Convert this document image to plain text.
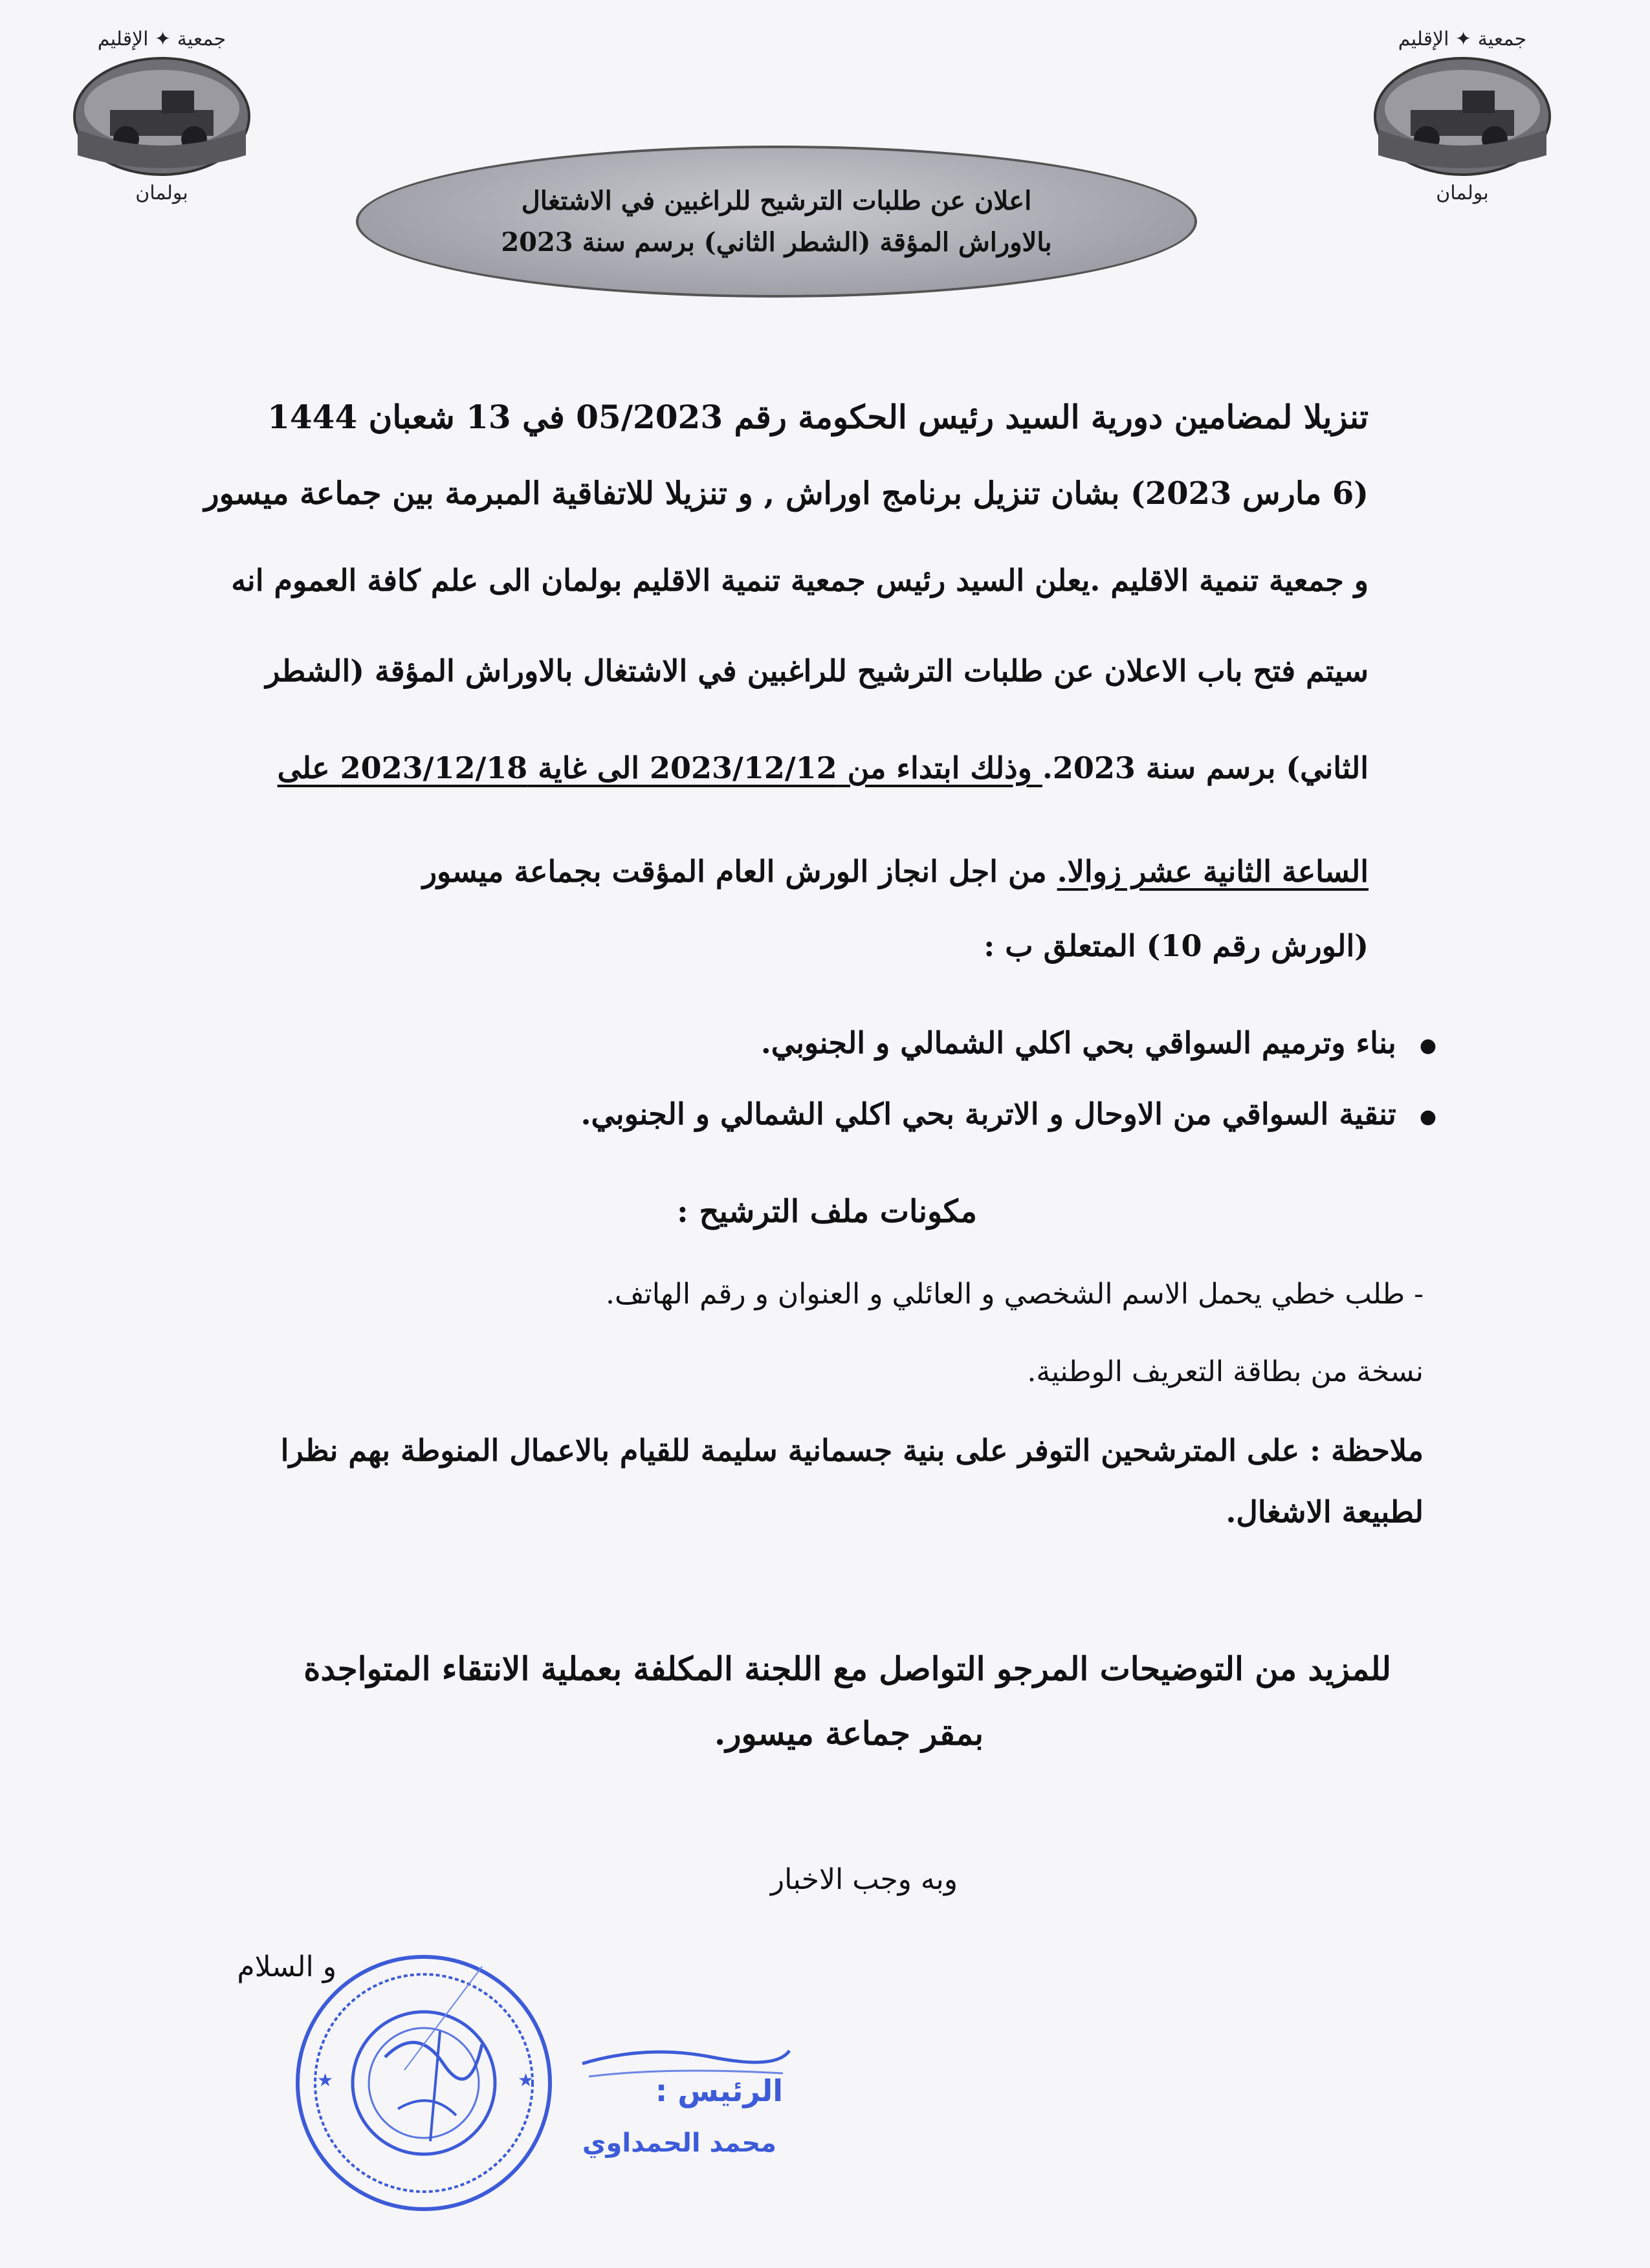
جمعية ✦ الإقليم
بولمان
جمعية ✦ الإقليم
بولمان
اعلان عن طلبات الترشيح للراغبين في الاشتغال
بالاوراش المؤقة (الشطر الثاني) برسم سنة 2023
تنزيلا لمضامين دورية السيد رئيس الحكومة رقم 05/2023 في 13 شعبان 1444
(6 مارس 2023) بشان تنزيل برنامج اوراش , و تنزيلا للاتفاقية المبرمة بين جماعة ميسور
و جمعية تنمية الاقليم .يعلن السيد رئيس جمعية تنمية الاقليم بولمان الى علم كافة العموم انه
سيتم فتح باب الاعلان عن طلبات الترشيح للراغبين في الاشتغال بالاوراش المؤقة (الشطر
الثاني) برسم سنة 2023. وذلك ابتداء من 2023/12/12 الى غاية 2023/12/18 على
الساعة الثانية عشر زوالا. من اجل انجاز الورش العام المؤقت بجماعة ميسور
(الورش رقم 10) المتعلق ب :
● بناء وترميم السواقي بحي اكلي الشمالي و الجنوبي.
● تنقية السواقي من الاوحال و الاتربة بحي اكلي الشمالي و الجنوبي.
مكونات ملف الترشيح :
- طلب خطي يحمل الاسم الشخصي و العائلي و العنوان و رقم الهاتف.
نسخة من بطاقة التعريف الوطنية.
ملاحظة : على المترشحين التوفر على بنية جسمانية سليمة للقيام بالاعمال المنوطة بهم نظرا
لطبيعة الاشغال.
للمزيد من التوضيحات المرجو التواصل مع اللجنة المكلفة بعملية الانتقاء المتواجدة
بمقر جماعة ميسور.
وبه وجب الاخبار
و السلام
★	★	الرئيس :
محمد الحمداوي
